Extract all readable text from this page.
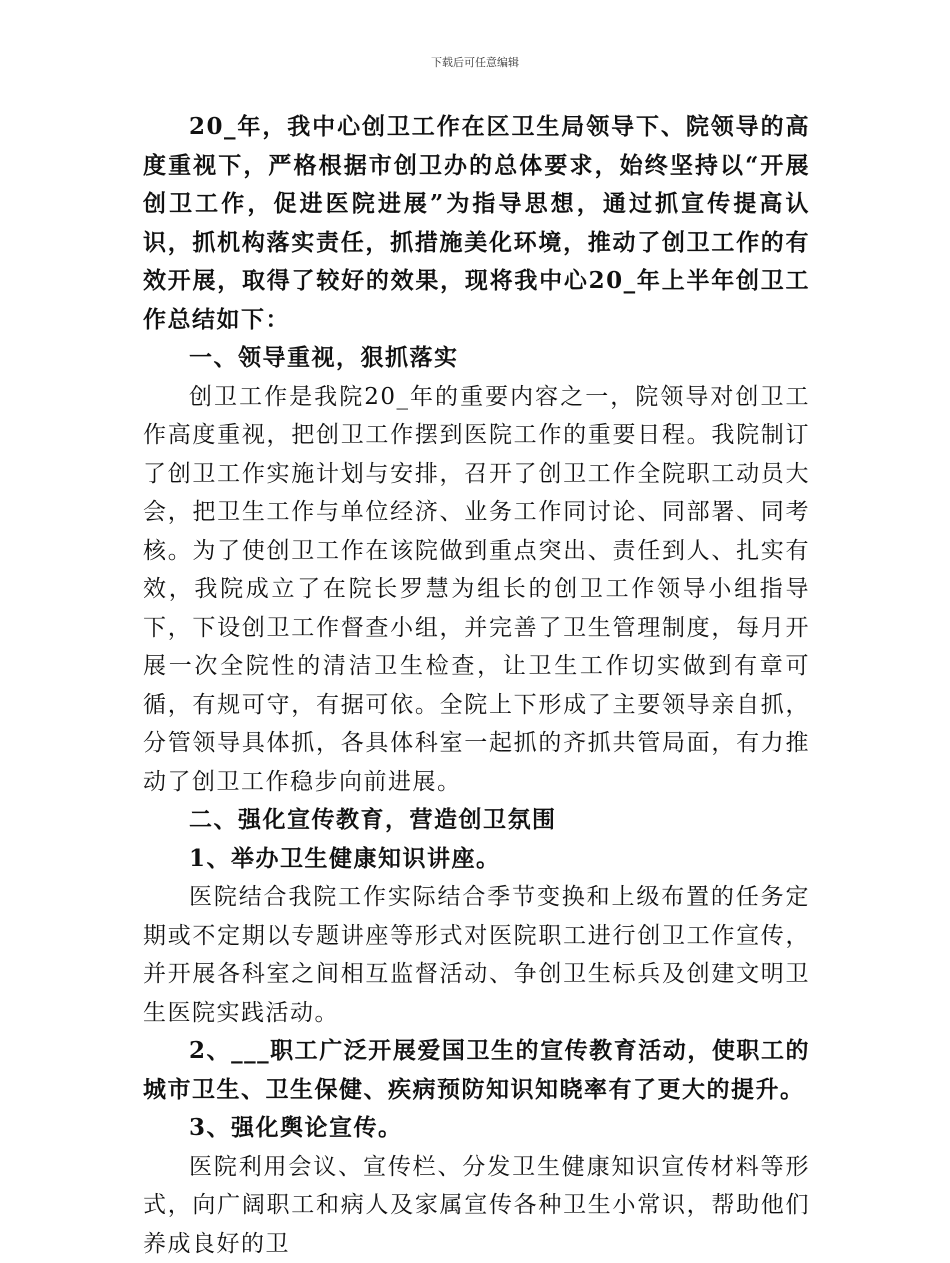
下载后可任意编辑

20_年，我中心创卫工作在区卫生局领导下、院领导的高度重视下，严格根据市创卫办的总体要求，始终坚持以“开展创卫工作，促进医院进展”为指导思想，通过抓宣传提高认识，抓机构落实责任，抓措施美化环境，推动了创卫工作的有效开展，取得了较好的效果，现将我中心20_年上半年创卫工作总结如下：

一、领导重视，狠抓落实

创卫工作是我院20_年的重要内容之一，院领导对创卫工作高度重视，把创卫工作摆到医院工作的重要日程。我院制订了创卫工作实施计划与安排，召开了创卫工作全院职工动员大会，把卫生工作与单位经济、业务工作同讨论、同部署、同考核。为了使创卫工作在该院做到重点突出、责任到人、扎实有效，我院成立了在院长罗慧为组长的创卫工作领导小组指导下，下设创卫工作督查小组，并完善了卫生管理制度，每月开展一次全院性的清洁卫生检查，让卫生工作切实做到有章可循，有规可守，有据可依。全院上下形成了主要领导亲自抓，分管领导具体抓，各具体科室一起抓的齐抓共管局面，有力推动了创卫工作稳步向前进展。

二、强化宣传教育，营造创卫氛围

1、举办卫生健康知识讲座。

医院结合我院工作实际结合季节变换和上级布置的任务定期或不定期以专题讲座等形式对医院职工进行创卫工作宣传，并开展各科室之间相互监督活动、争创卫生标兵及创建文明卫生医院实践活动。

2、___职工广泛开展爱国卫生的宣传教育活动，使职工的城市卫生、卫生保健、疾病预防知识知晓率有了更大的提升。

3、强化舆论宣传。

医院利用会议、宣传栏、分发卫生健康知识宣传材料等形式，向广阔职工和病人及家属宣传各种卫生小常识，帮助他们养成良好的卫
